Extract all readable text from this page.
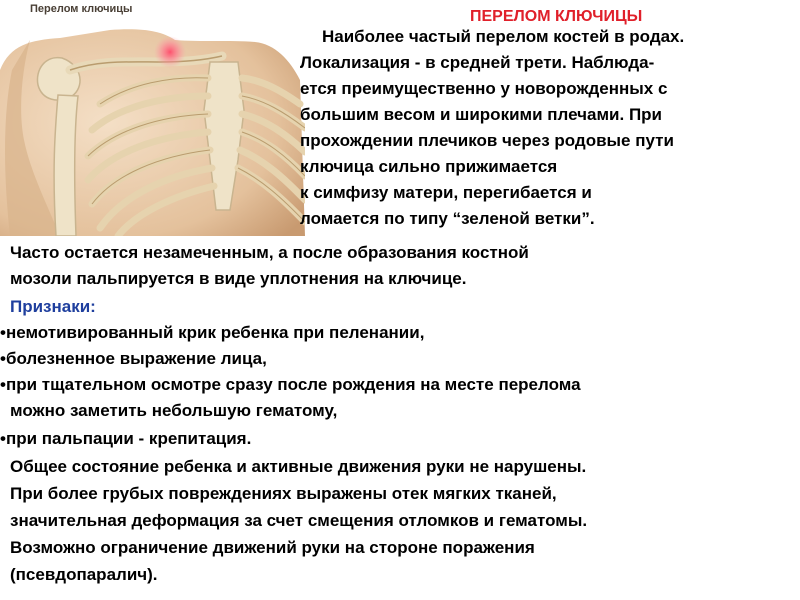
Перелом ключицы	ПЕРЕЛОМ КЛЮЧИЦЫ
Наиболее частый перелом костей в родах.
Локализация - в средней трети. Наблюда-
ется преимущественно у новорожденных с
большим весом и широкими плечами. При
прохождении плечиков через родовые пути
ключица сильно прижимается
к симфизу матери, перегибается и
ломается по типу “зеленой ветки”.
Часто остается незамеченным, а после образования костной
мозоли пальпируется в виде уплотнения на ключице.
Признаки:
•немотивированный крик ребенка при пеленании,
•болезненное выражение лица,
•при тщательном осмотре сразу после рождения на месте перелома
можно заметить небольшую гематому,
•при пальпации - крепитация.
Общее состояние ребенка и активные движения руки не нарушены.
При более грубых повреждениях выражены отек мягких тканей,
значительная деформация за счет смещения отломков и гематомы.
Возможно ограничение движений руки на стороне поражения
(псевдопаралич).
